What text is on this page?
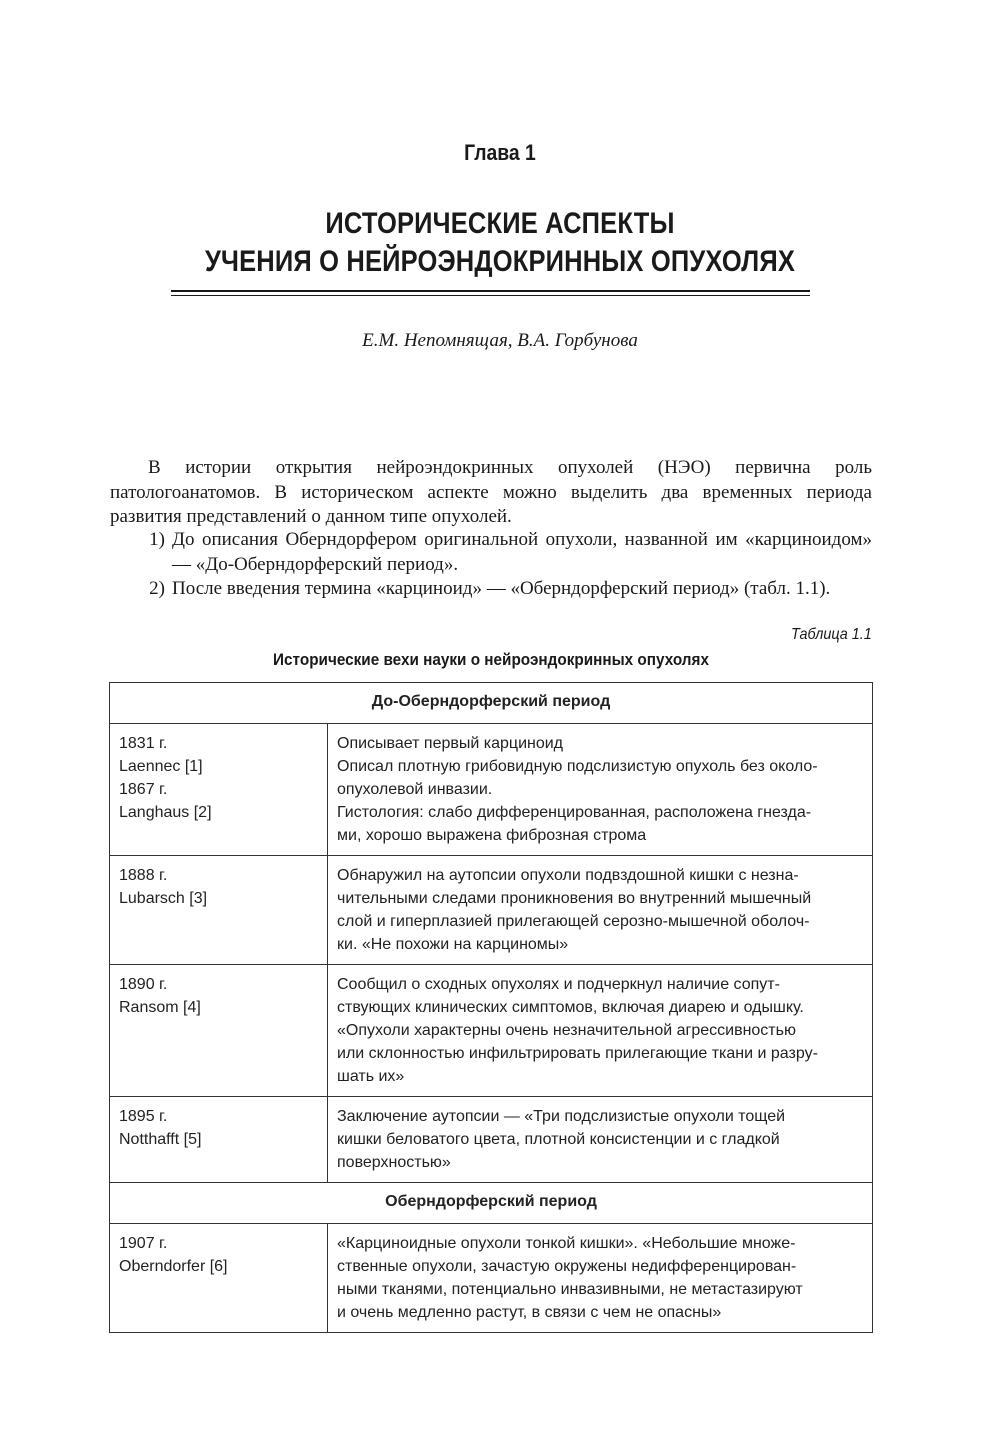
Глава 1
ИСТОРИЧЕСКИЕ АСПЕКТЫ
УЧЕНИЯ О НЕЙРОЭНДОКРИННЫХ ОПУХОЛЯХ
Е.М. Непомнящая, В.А. Горбунова
В истории открытия нейроэндокринных опухолей (НЭО) первична роль патологоанатомов. В историческом аспекте можно выделить два временных периода развития представлений о данном типе опухолей.
1) До описания Оберндорфером оригинальной опухоли, названной им «карциноидом» — «До-Оберндорферский период».
2) После введения термина «карциноид» — «Оберндорферский период» (табл. 1.1).
Таблица 1.1
Исторические вехи науки о нейроэндокринных опухолях
До-Оберндорферский период	

1831 г.
Laennec [1]
1867 г.
Langhaus [2]	Описывает первый карциноид
Описал плотную грибовидную подслизистую опухоль без около-
опухолевой инвазии.
Гистология: слабо дифференцированная, расположена гнезда-
ми, хорошо выражена фиброзная строма

1888 г.
Lubarsch [3]	Обнаружил на аутопсии опухоли подвздошной кишки с незна-
чительными следами проникновения во внутренний мышечный
слой и гиперплазией прилегающей серозно-мышечной оболоч-
ки. «Не похожи на карциномы»

1890 г.
Ransom [4]	Сообщил о сходных опухолях и подчеркнул наличие сопут-
ствующих клинических симптомов, включая диарею и одышку.
«Опухоли характерны очень незначительной агрессивностью
или склонностью инфильтрировать прилегающие ткани и разру-
шать их»

1895 г.
Notthafft [5]	Заключение аутопсии — «Три подслизистые опухоли тощей
кишки беловатого цвета, плотной консистенции и с гладкой
поверхностью»

Оберндорферский период	

1907 г.
Oberndorfer [6]	«Карциноидные опухоли тонкой кишки». «Небольшие множе-
ственные опухоли, зачастую окружены недифференцирован-
ными тканями, потенциально инвазивными, не метастазируют
и очень медленно растут, в связи с чем не опасны»
